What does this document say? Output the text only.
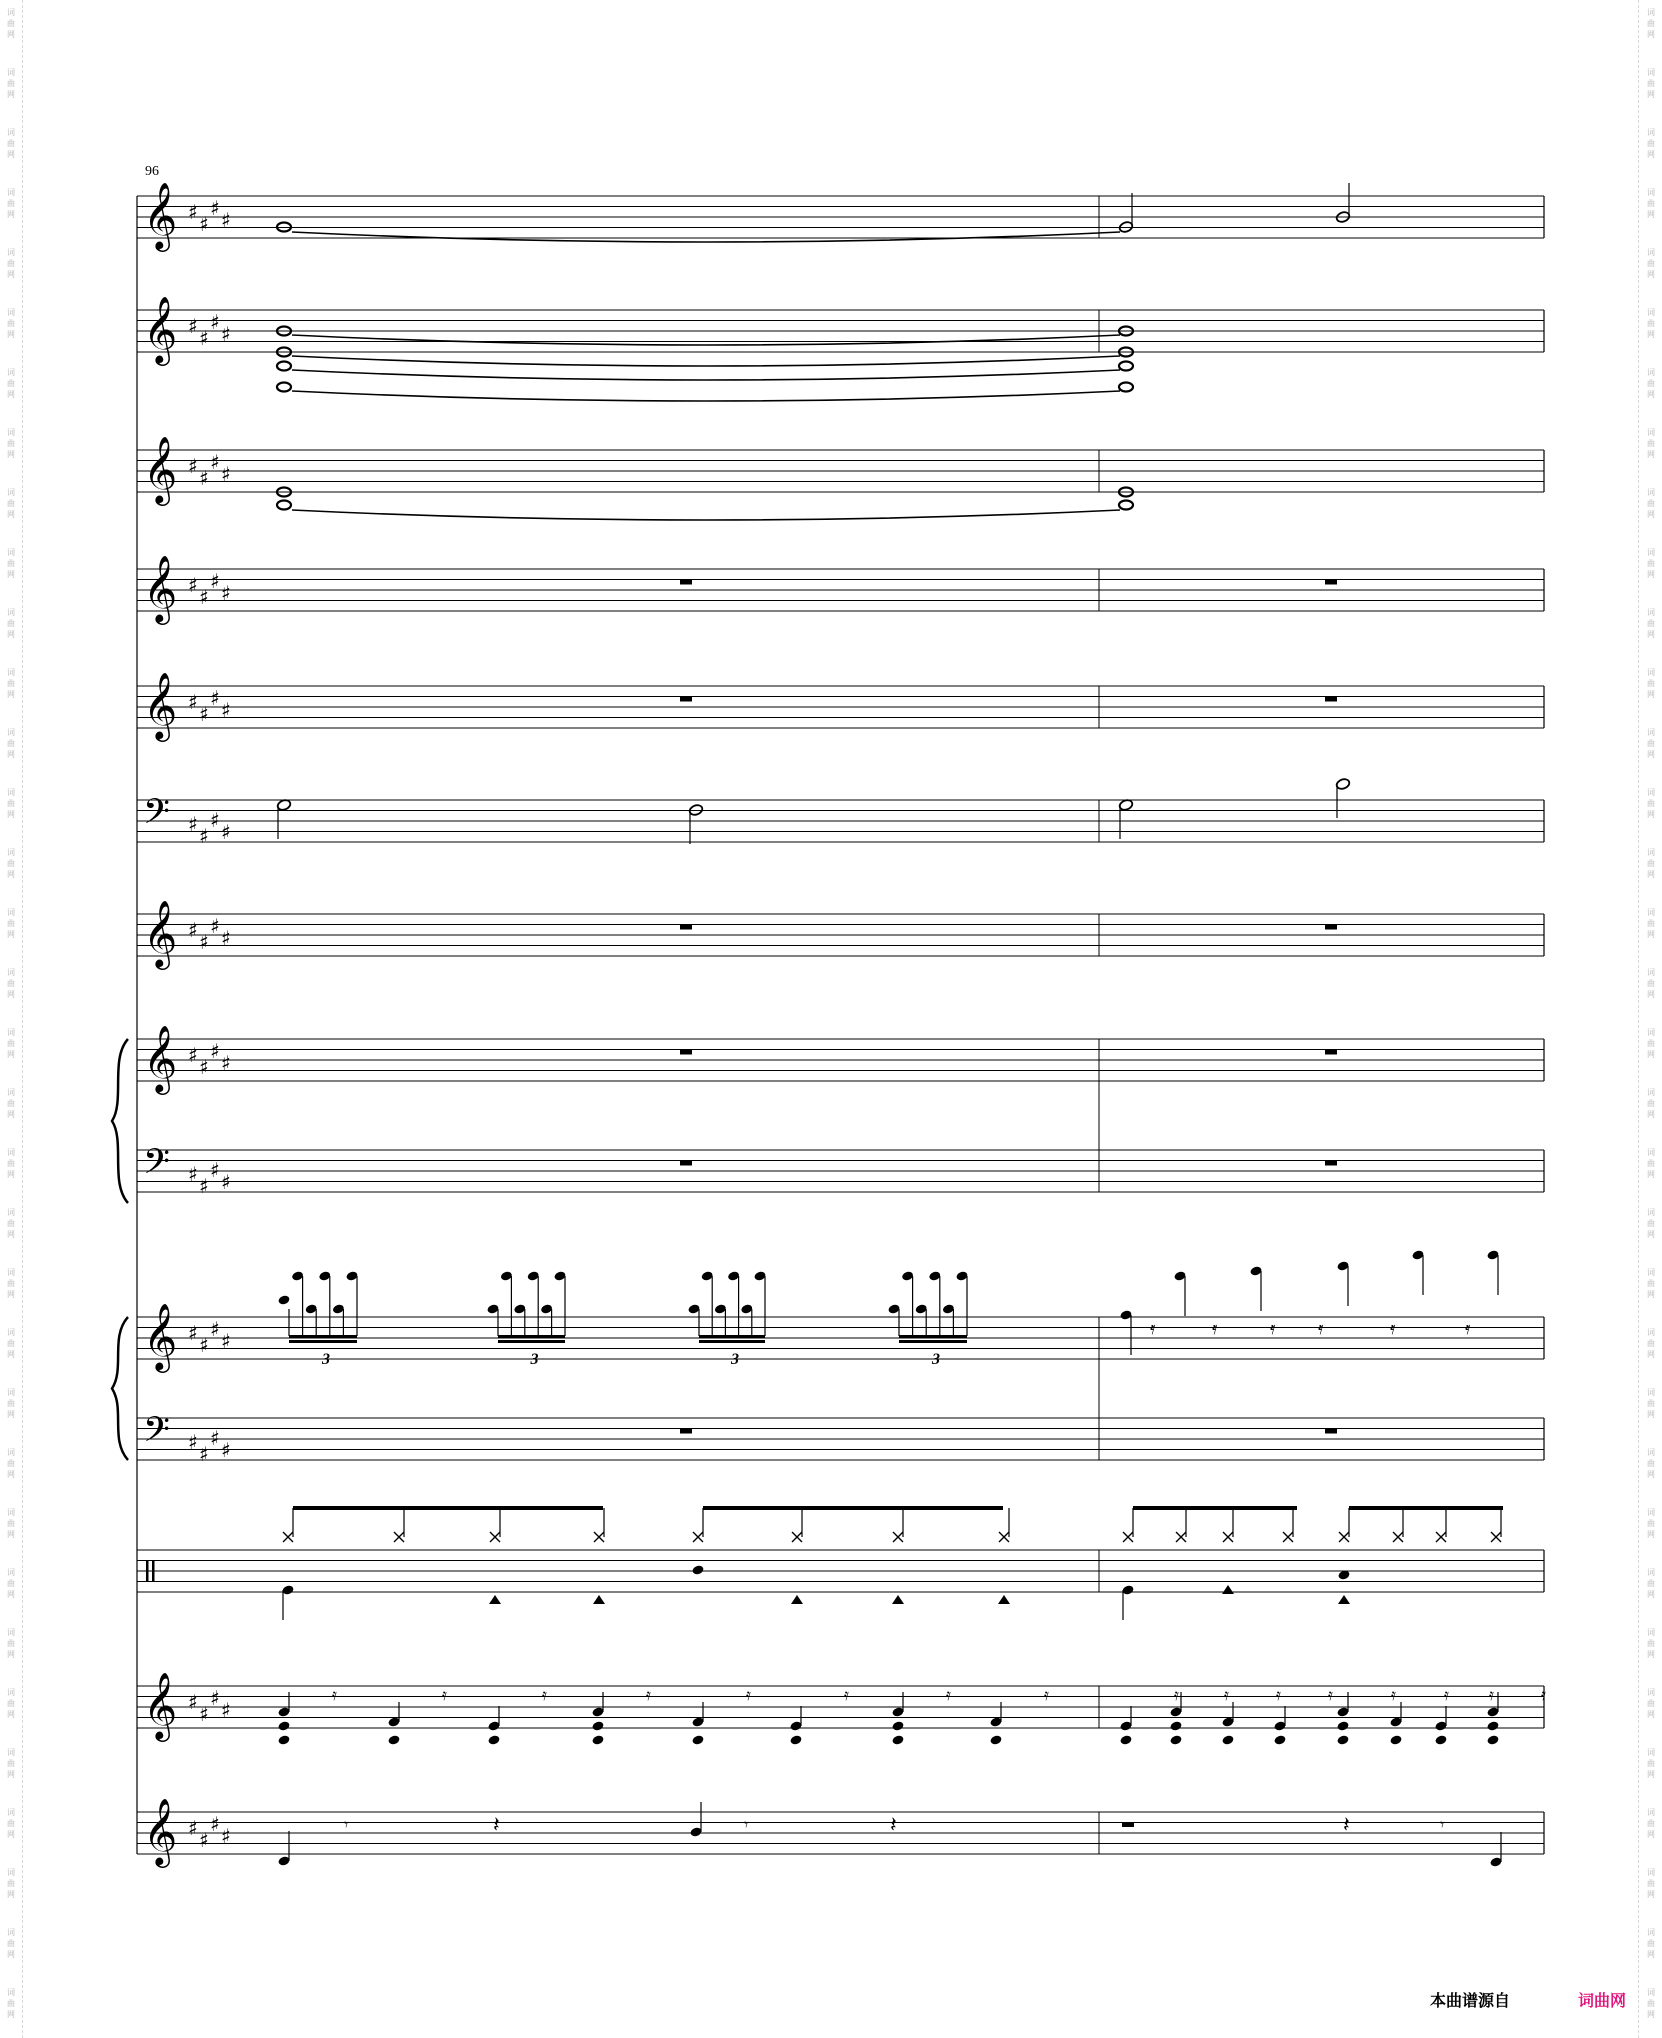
词
曲
网
词
曲
网
词
曲
网
词
曲
网
词
曲
网
词
曲
网
词
曲
网
词
曲
网
词
曲
网
词
曲
网
词
曲
网
词
曲
网
词
曲
网
词
曲
网
词
曲
网
词
曲
网
词
曲
网
词
曲
网
词
曲
网
词
曲
网
词
曲
网
词
曲
网
词
曲
网
词
曲
网
词
曲
网
词
曲
网
词
曲
网
词
曲
网
词
曲
网
词
曲
网
词
曲
网
词
曲
网
词
曲
网
词
曲
网
词
曲
网
词
曲
网
词
曲
网
词
曲
网
词
曲
网
词
曲
网
词
曲
网
词
曲
网
词
曲
网
词
曲
网
词
曲
网
词
曲
网
词
曲
网
词
曲
网
词
曲
网
词
曲
网
词
曲
网
词
曲
网
词
曲
网
词
曲
网
词
曲
网
词
曲
网
词
曲
网
词
曲
网
词
曲
网
词
曲
网
词
曲
网
词
曲
网
词
曲
网
词
曲
网
词
曲
网
词
曲
网
词
曲
网
词
曲
网
96
𝄞 ♯ ♯
♯ ♯
𝄞 ♯ ♯
♯ ♯
𝄞 ♯ ♯
♯ ♯
𝄞 ♯ ♯
♯ ♯
𝄞 ♯ ♯
♯ ♯
𝄢 ♯ ♯
♯ ♯
𝄞 ♯ ♯
♯ ♯
𝄞 ♯ ♯
♯ ♯
𝄢 ♯ ♯
♯ ♯
𝄞 ♯ ♯
♯ ♯
𝄢 ♯ ♯
♯ ♯
𝄞 ♯ ♯
♯ ♯
𝄞 ♯ ♯
♯ ♯
3	3	3	3
𝄿	𝄿	𝄿 𝄿	𝄿	𝄿
𝄿	𝄿	𝄿	𝄿	𝄿	𝄿	𝄿	𝄿	𝄿	𝄿	𝄿	𝄿	𝄿	𝄿	𝄿	𝄿
𝄾	𝄾	𝄾
𝄽	𝄽	𝄽
本曲谱源自	词曲网
